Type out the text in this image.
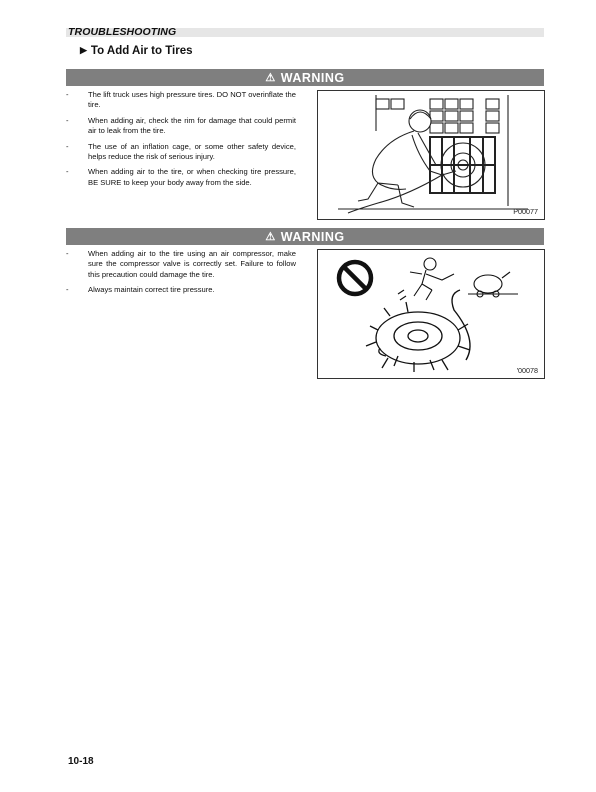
TROUBLESHOOTING
▶ To Add Air to Tires
⚠ WARNING
-	The lift truck uses high pressure tires. DO NOT overinflate the tire.
-	When adding air, check the rim for damage that could permit air to leak from the tire.
-	The use of an inflation cage, or some other safety device, helps reduce the risk of serious injury.
-	When adding air to the tire, or when checking tire pressure, BE SURE to keep your body away from the side.
P00077
⚠ WARNING
-	When adding air to the tire using an air compressor, make sure the compressor valve is correctly set. Failure to follow this precaution could damage the tire.
-	Always maintain correct tire pressure.
'00078
10-18
